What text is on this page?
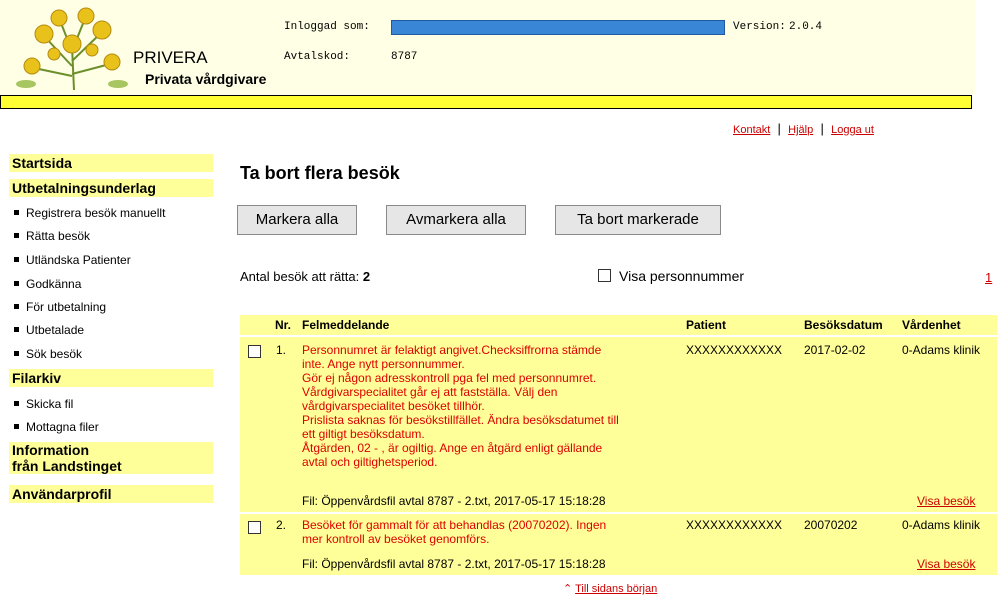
PRIVERA
Privata vårdgivare
Inloggad som:	Version: 2.0.4
Avtalskod:	8787
Kontakt  |  Hjälp  |  Logga ut
Startsida
Utbetalningsunderlag
Registrera besök manuellt
Rätta besök
Utländska Patienter
Godkänna
För utbetalning
Utbetalade
Sök besök
Filarkiv
Skicka fil
Mottagna filer
Information
från Landstinget
Användarprofil
Ta bort flera besök
Markera alla	Avmarkera alla	Ta bort markerade
Antal besök att rätta: 2	Visa personnummer	1
Nr. Felmeddelande	Patient	Besöksdatum Vårdenhet
1. Personnumret är felaktigt angivet.Checksiffrorna stämde
inte. Ange nytt personnummer.
Gör ej någon adresskontroll pga fel med personnumret.
Vårdgivarspecialitet går ej att fastställa. Välj den
vårdgivarspecialitet besöket tillhör.
Prislista saknas för besökstillfället. Ändra besöksdatumet till
ett giltigt besöksdatum.
Åtgärden, 02 - , är ogiltig. Ange en åtgärd enligt gällande
avtal och giltighetsperiod.
XXXXXXXXXXXX 2017-02-02	0-Adams klinik
Fil: Öppenvårdsfil avtal 8787 - 2.txt, 2017-05-17 15:18:28	Visa besök
2. Besöket för gammalt för att behandlas (20070202). Ingen
mer kontroll av besöket genomförs.
XXXXXXXXXXXX 20070202	0-Adams klinik
Fil: Öppenvårdsfil avtal 8787 - 2.txt, 2017-05-17 15:18:28	Visa besök
⌃ Till sidans början
